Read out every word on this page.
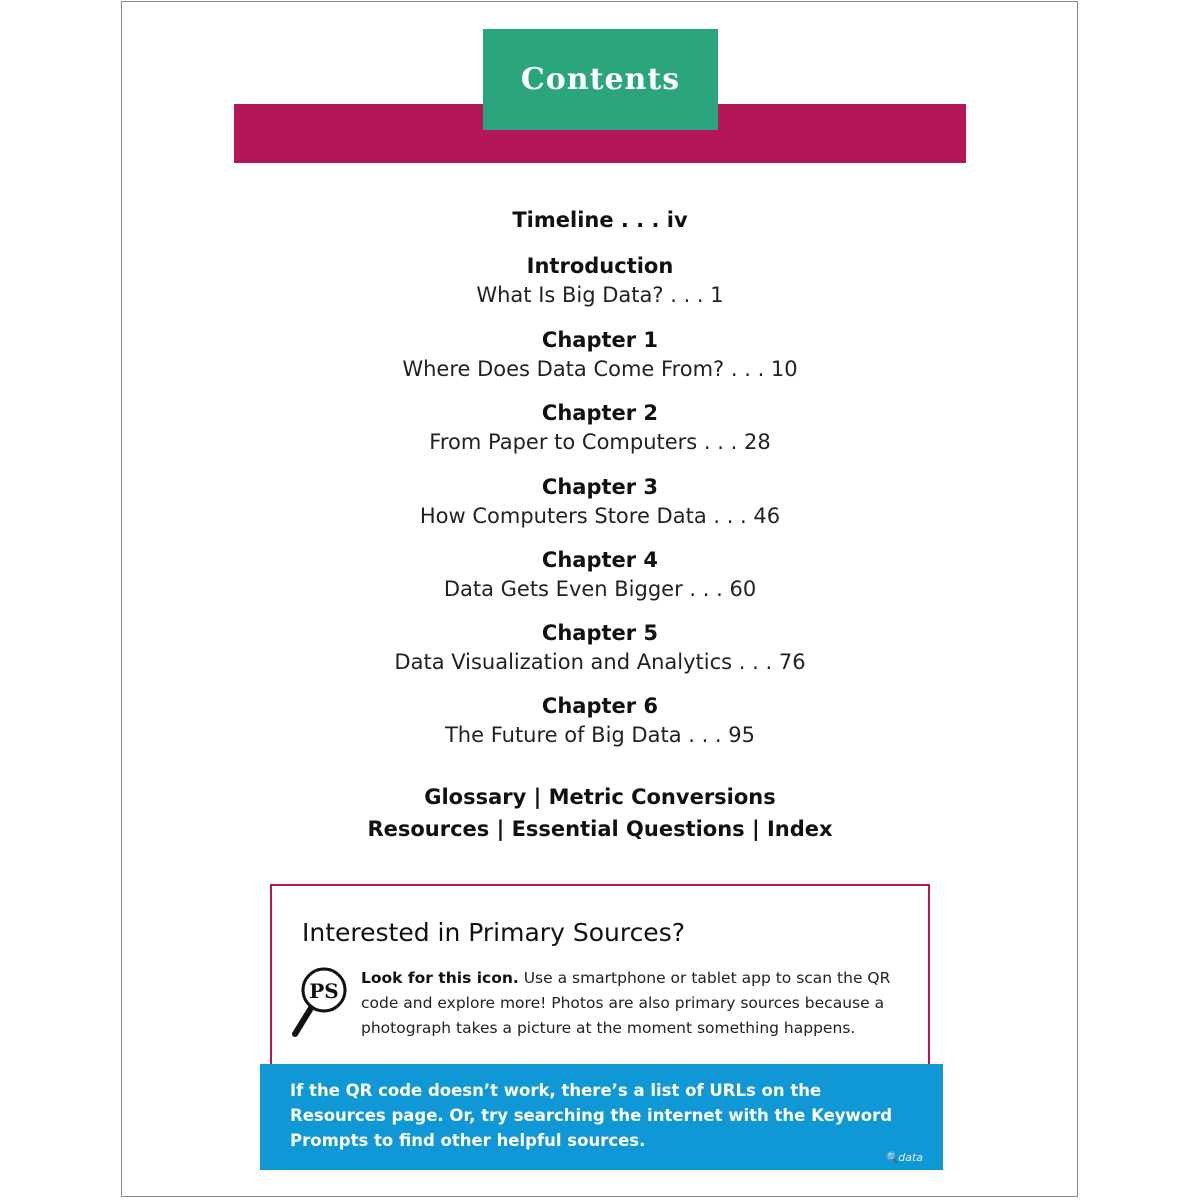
Contents
Timeline . . . iv
Introduction
What Is Big Data? . . . 1
Chapter 1
Where Does Data Come From? . . . 10
Chapter 2
From Paper to Computers . . . 28
Chapter 3
How Computers Store Data . . . 46
Chapter 4
Data Gets Even Bigger . . . 60
Chapter 5
Data Visualization and Analytics . . . 76
Chapter 6
The Future of Big Data . . . 95
Glossary | Metric Conversions
Resources | Essential Questions | Index
Interested in Primary Sources?
PS
Look for this icon. Use a smartphone or tablet app to scan the QR code and explore more! Photos are also primary sources because a photograph takes a picture at the moment something happens.

If the QR code doesn’t work, there’s a list of URLs on the Resources page. Or, try searching the internet with the Keyword Prompts to find other helpful sources.

🔍data
